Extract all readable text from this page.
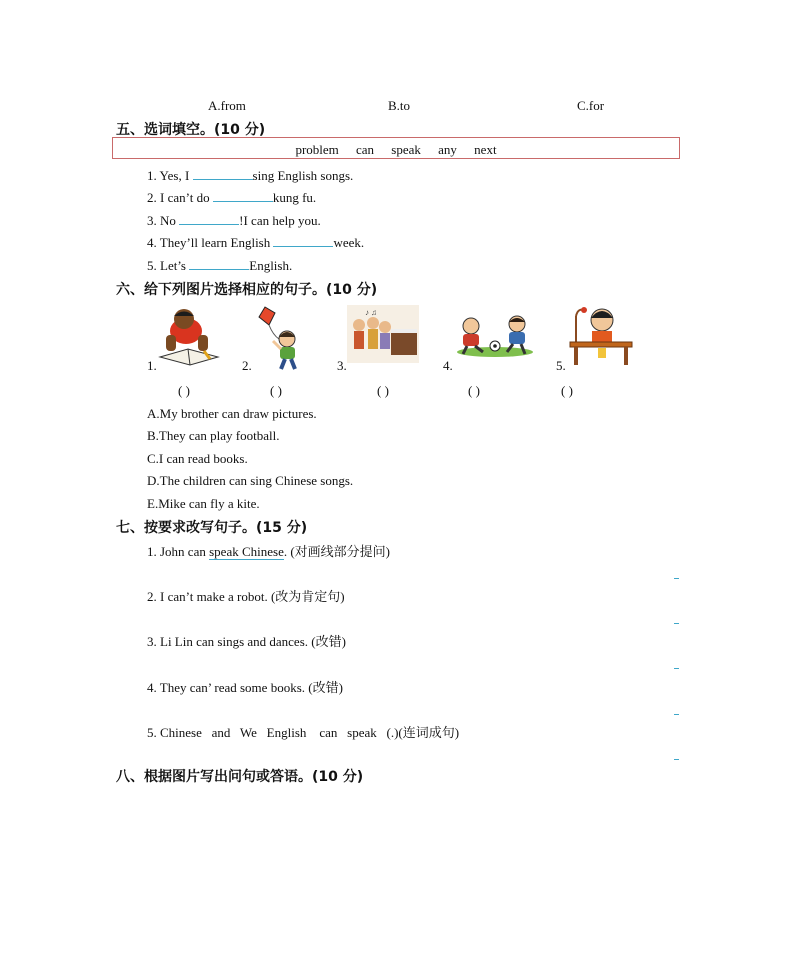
A.from	B.to	C.for
五、选词填空。(10 分)
problem can speak any next
1. Yes, I	sing English songs.
2. I can’t do	kung fu.
3. No	!I can help you.
4. They’ll learn English	week.
5. Let’s	English.
六、给下列图片选择相应的句子。(10 分)
1.
( )
2.
( )
3.
♪ ♫
( )
4.
( )
5.
( )
A.My brother can draw pictures.
B.They can play football.
C.I can read books.
D.The children can sing Chinese songs.
E.Mike can fly a kite.
七、按要求改写句子。(15 分)
1. John can speak Chinese. (对画线部分提问)
2. I can’t make a robot. (改为肯定句)
3. Li Lin can sings and dances. (改错)
4. They can’ read some books. (改错)
5. Chinese   and   We   English    can   speak   (.)(连词成句)
八、根据图片写出问句或答语。(10 分)
